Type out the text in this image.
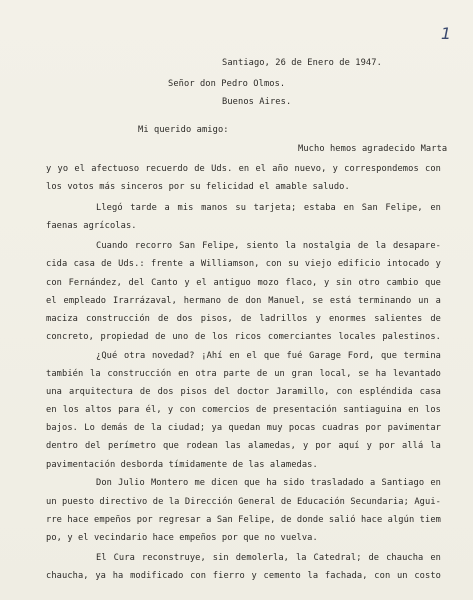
1
Santiago, 26 de Enero de 1947.
Señor don Pedro Olmos.
Buenos Aires.
Mi querido amigo:
Mucho hemos agradecido Marta
y yo el afectuoso recuerdo de Uds. en el año nuevo, y correspondemos con
los votos más sinceros por su felicidad el amable saludo.
Llegó tarde a mis manos su tarjeta; estaba en San Felipe, en
faenas agrícolas.
Cuando recorro San Felipe, siento la nostalgia de la desapare-
cida casa de Uds.: frente a Williamson, con su viejo edificio intocado y
con Fernández, del Canto y el antiguo mozo flaco, y sin otro cambio que
el empleado Irarrázaval, hermano de don Manuel, se está terminando un a
maciza construcción de dos pisos, de ladrillos y enormes salientes de
concreto, propiedad de uno de los ricos comerciantes locales palestinos.
¿Qué otra novedad? ¡Ahí en el que fué Garage Ford, que termina
también la construcción en otra parte de un gran local, se ha levantado
una arquitectura de dos pisos del doctor Jaramillo, con espléndida casa
en los altos para él, y con comercios de presentación santiaguina en los
bajos. Lo demás de la ciudad; ya quedan muy pocas cuadras por pavimentar
dentro del perímetro que rodean las alamedas, y por aquí y por allá la
pavimentación desborda tímidamente de las alamedas.
Don Julio Montero me dicen que ha sido trasladado a Santiago en
un puesto directivo de la Dirección General de Educación Secundaria; Agui-
rre hace empeños por regresar a San Felipe, de donde salió hace algún tiem
po, y el vecindario hace empeños por que no vuelva.
El Cura reconstruye, sin demolerla, la Catedral; de chaucha en
chaucha, ya ha modificado con fierro y cemento la fachada, con un costo
